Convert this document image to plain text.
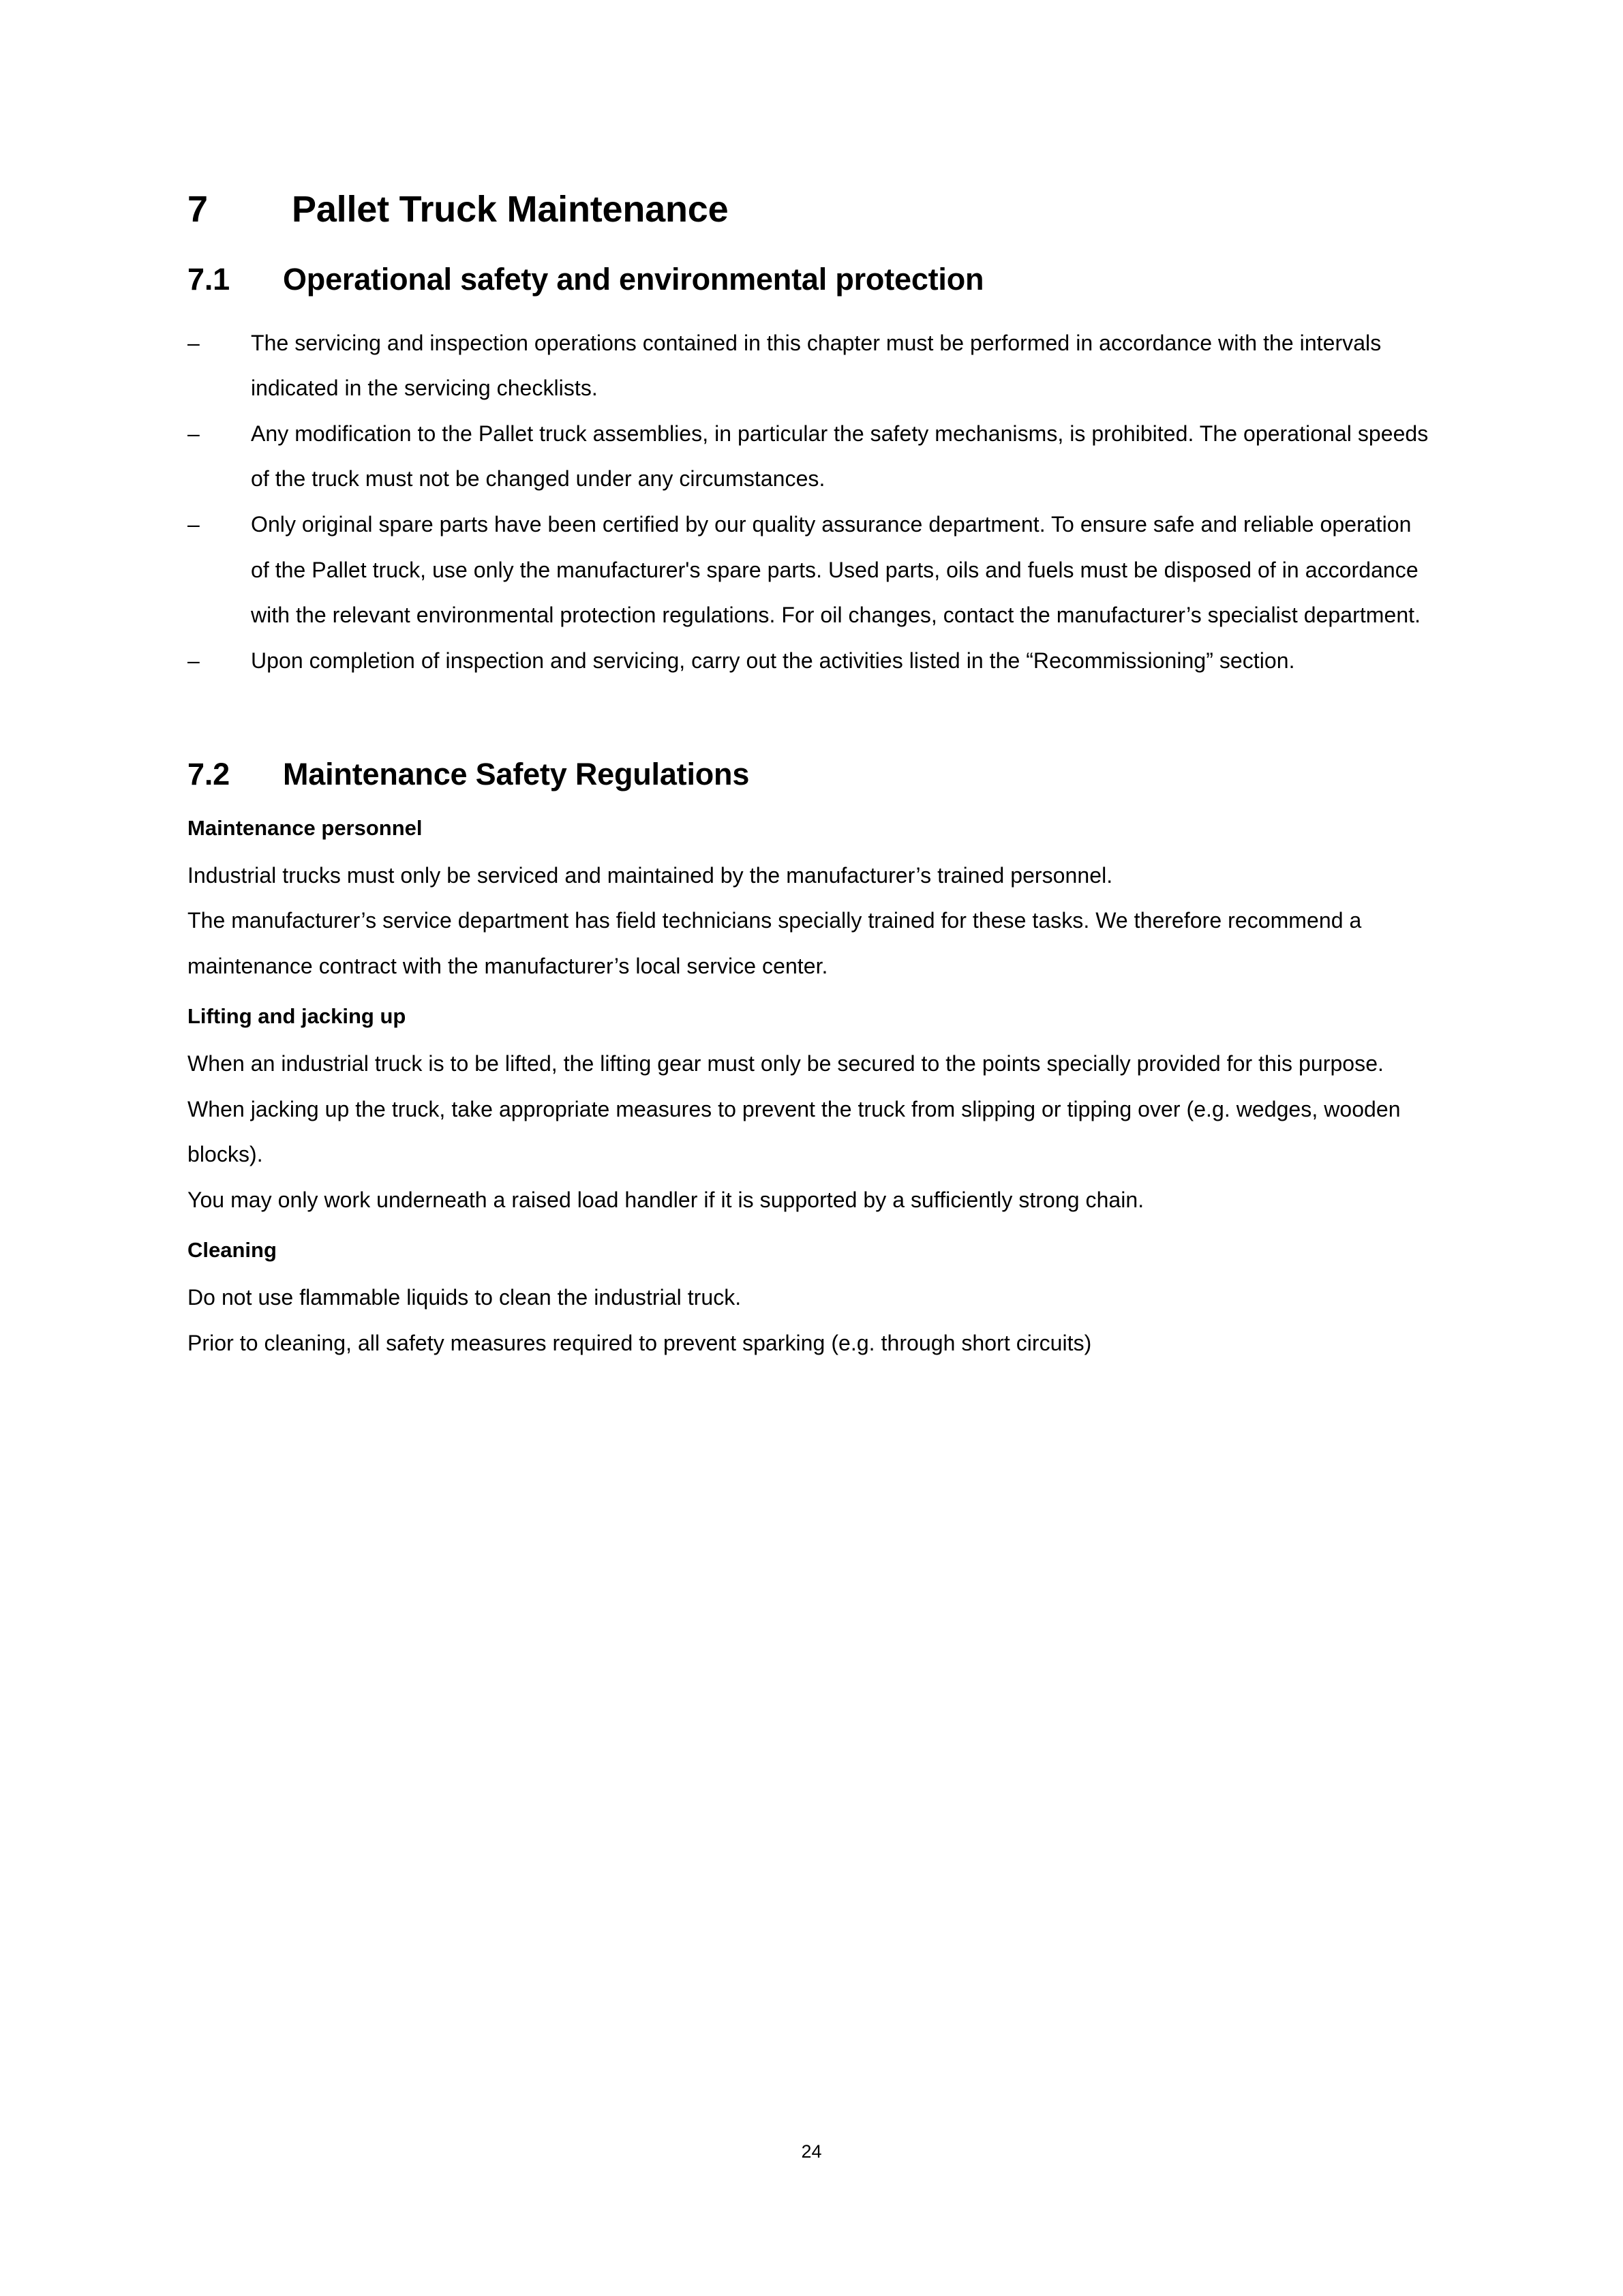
7	Pallet Truck Maintenance
7.1	Operational safety and environmental protection
– The servicing and inspection operations contained in this chapter must be performed in accordance with the intervals indicated in the servicing checklists.
– Any modification to the Pallet truck assemblies, in particular the safety mechanisms, is prohibited. The operational speeds of the truck must not be changed under any circumstances.
– Only original spare parts have been certified by our quality assurance department. To ensure safe and reliable operation of the Pallet truck, use only the manufacturer's spare parts. Used parts, oils and fuels must be disposed of in accordance with the relevant environmental protection regulations. For oil changes, contact the manufacturer’s specialist department.
– Upon completion of inspection and servicing, carry out the activities listed in the “Recommissioning” section.
7.2	Maintenance Safety Regulations
Maintenance personnel

Industrial trucks must only be serviced and maintained by the manufacturer’s trained personnel.

The manufacturer’s service department has field technicians specially trained for these tasks. We therefore recommend a maintenance contract with the manufacturer’s local service center.

Lifting and jacking up

When an industrial truck is to be lifted, the lifting gear must only be secured to the points specially provided for this purpose.

When jacking up the truck, take appropriate measures to prevent the truck from slipping or tipping over (e.g. wedges, wooden blocks).

You may only work underneath a raised load handler if it is supported by a sufficiently strong chain.

Cleaning

Do not use flammable liquids to clean the industrial truck.

Prior to cleaning, all safety measures required to prevent sparking (e.g. through short circuits)

24
